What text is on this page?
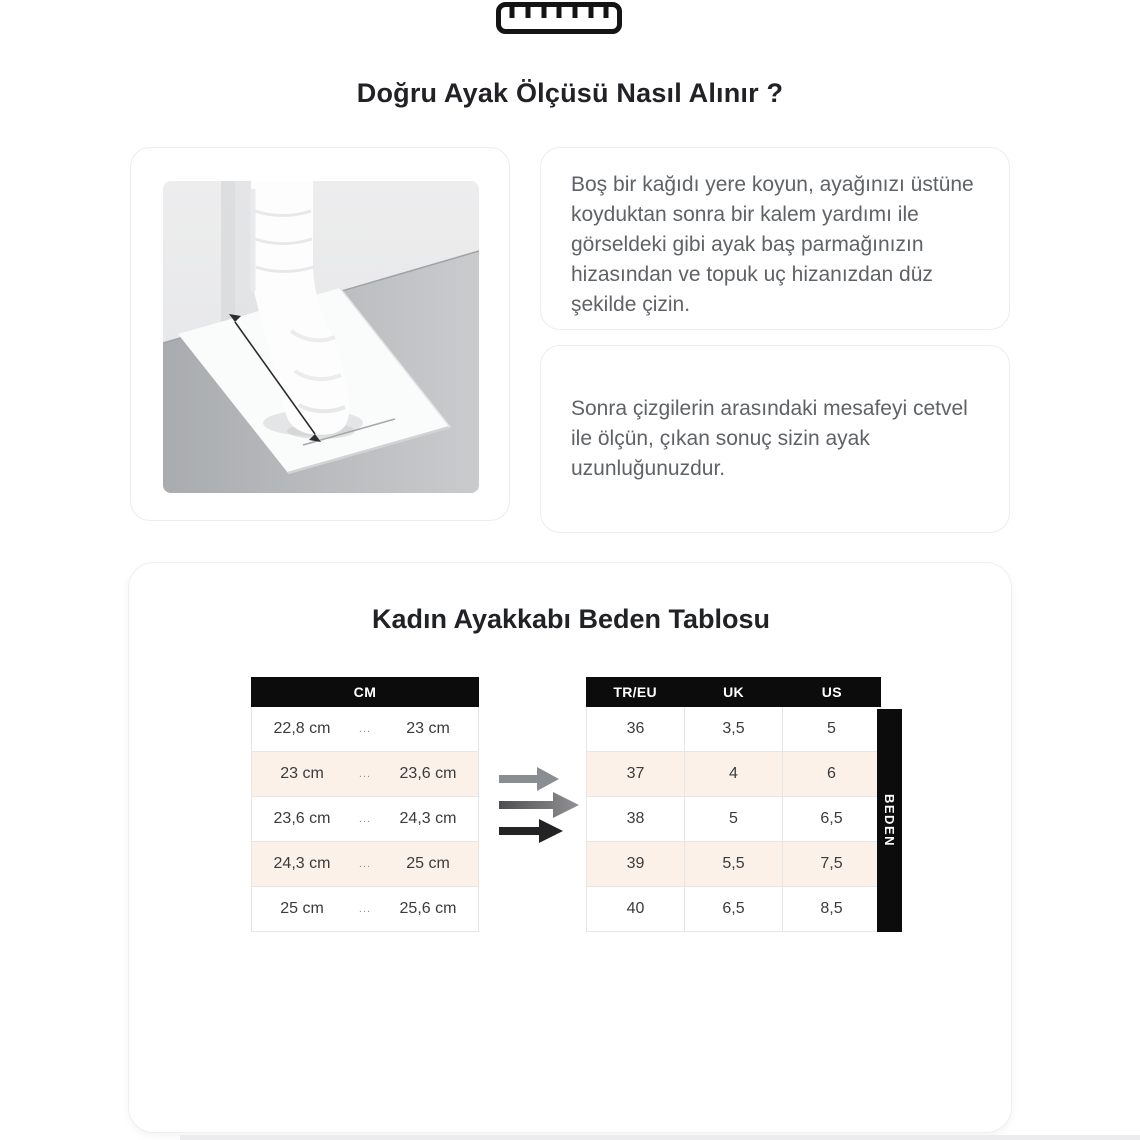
Doğru Ayak Ölçüsü Nasıl Alınır ?
Boş bir kağıdı yere koyun, ayağınızı üstüne koyduktan sonra bir kalem yardımı ile görseldeki gibi ayak baş parmağınızın hizasından ve topuk uç hizanızdan düz şekilde çizin.
Sonra çizgilerin arasındaki mesafeyi cetvel ile ölçün, çıkan sonuç sizin ayak uzunluğunuzdur.
Kadın Ayakkabı Beden Tablosu
CM
22,8 cm	...	23 cm
23 cm	...	23,6 cm
23,6 cm	...	24,3 cm
24,3 cm	...	25 cm
25 cm	...	25,6 cm
TR/EU	UK	US
36	3,5	5
37	4	6
38	5	6,5
39	5,5	7,5
40	6,5	8,5
BEDEN
